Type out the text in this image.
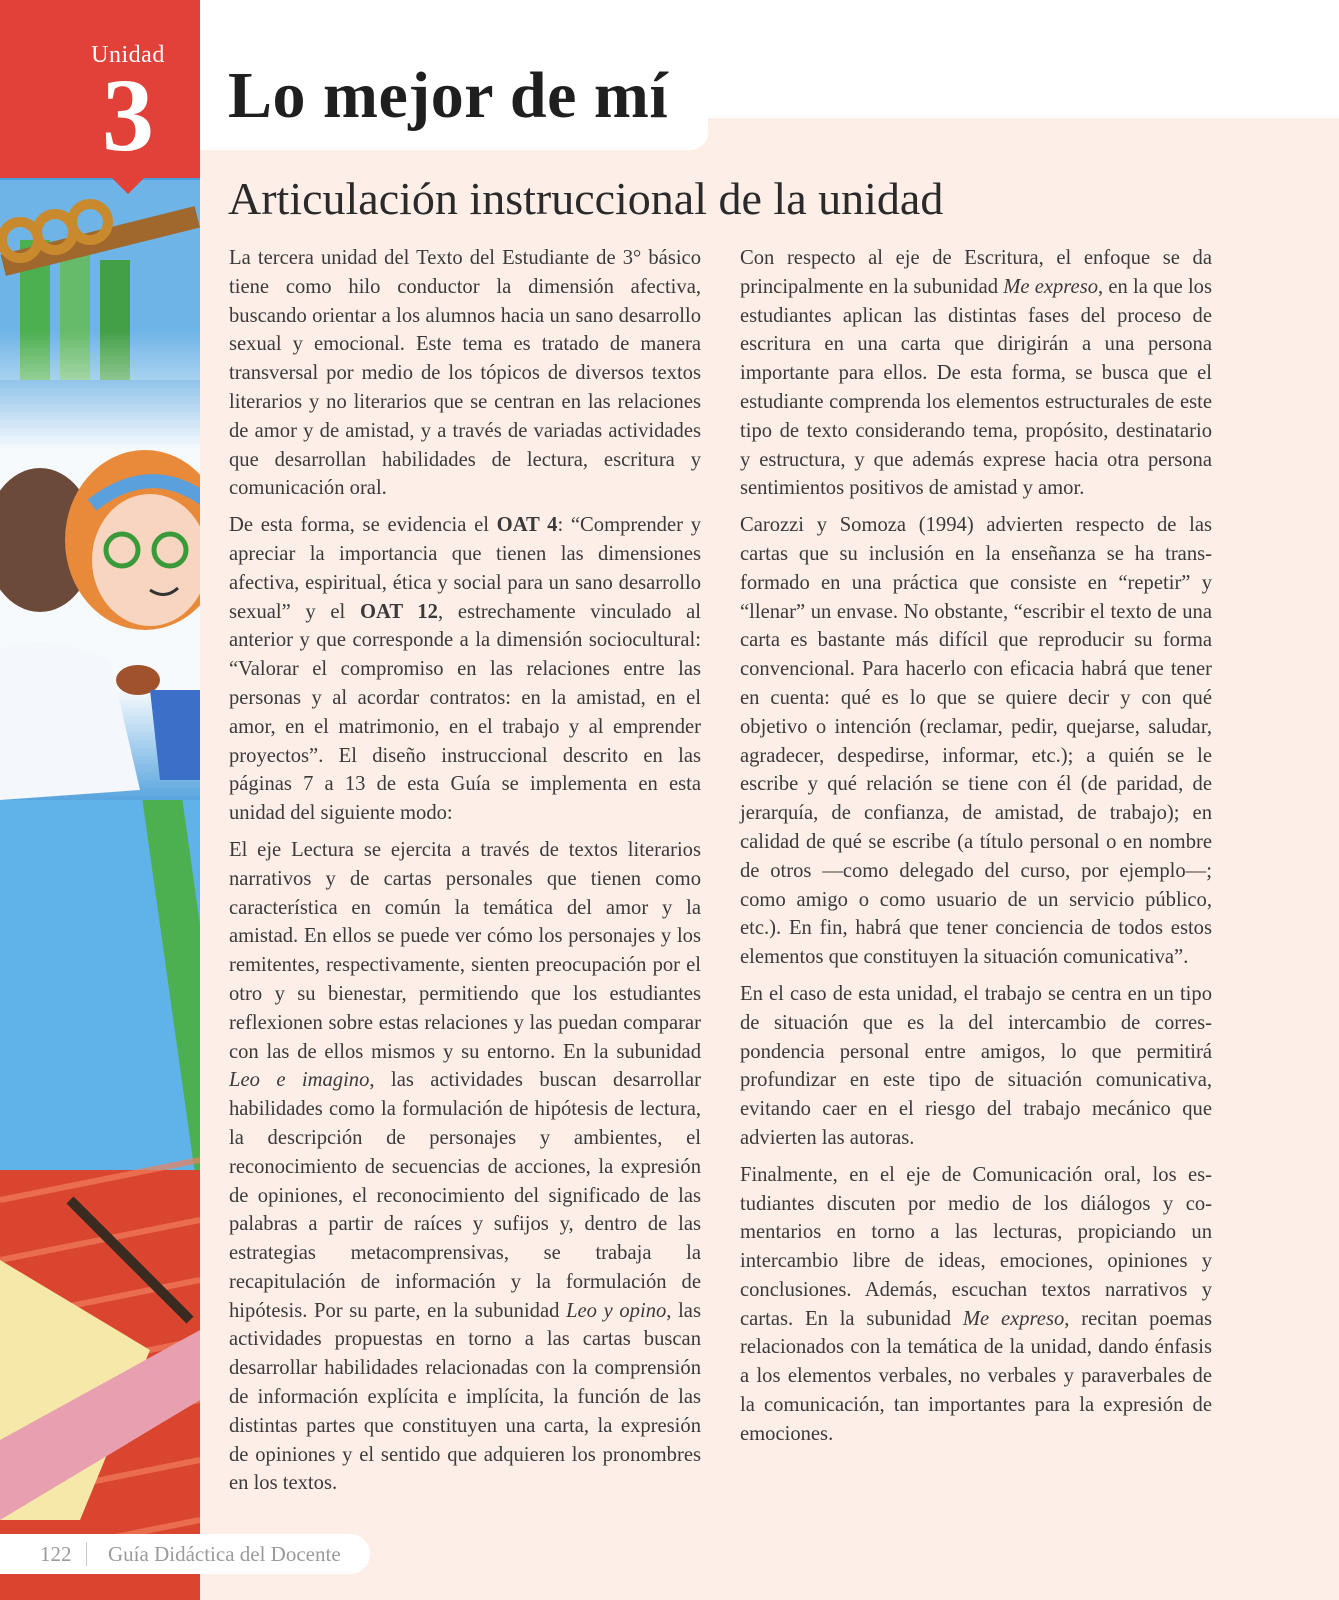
Unidad
3	Lo mejor de mí
Articulación instruccional de la unidad

La tercera unidad del Texto del Estudiante de 3° básico tiene como hilo conductor la dimensión afectiva, buscando orientar a los alumnos hacia un sano desarrollo sexual y emocional. Este tema es tratado de manera transversal por medio de los tópicos de diversos textos literarios y no literarios que se centran en las relaciones de amor y de amistad, y a través de variadas actividades que desarrollan habilidades de lectura, escritura y comunicación oral.

De esta forma, se evidencia el OAT 4: “Comprender y apreciar la importancia que tienen las dimensiones afectiva, espiritual, ética y social para un sano desarrollo sexual” y el OAT 12, estrechamente vinculado al anterior y que corresponde a la dimensión sociocultural: “Valorar el compromiso en las relaciones entre las personas y al acordar contratos: en la amistad, en el amor, en el matrimonio, en el trabajo y al emprender proyectos”. El diseño instruccional descrito en las páginas 7 a 13 de esta Guía se implementa en esta unidad del siguiente modo:

El eje Lectura se ejercita a través de textos literarios narrativos y de cartas personales que tienen como característica en común la temática del amor y la amistad. En ellos se puede ver cómo los personajes y los remitentes, respectivamente, sienten preocupación por el otro y su bienestar, permitiendo que los estudiantes reflexionen sobre estas relaciones y las puedan comparar con las de ellos mismos y su entorno. En la subunidad Leo e imagino, las actividades buscan desarrollar habilidades como la formulación de hipótesis de lectura, la descripción de personajes y ambientes, el reconocimiento de secuencias de acciones, la expresión de opiniones, el reconocimiento del significado de las palabras a partir de raíces y sufijos y, dentro de las estrategias metacomprensivas, se trabaja la recapitulación de información y la formulación de hipótesis. Por su parte, en la subunidad Leo y opino, las actividades propuestas en torno a las cartas buscan desarrollar habilidades relacionadas con la comprensión de información explícita e implícita, la función de las distintas partes que constituyen una carta, la expresión de opiniones y el sentido que adquieren los pronombres en los textos.

Con respecto al eje de Escritura, el enfoque se da principalmente en la subunidad Me expreso, en la que los estudiantes aplican las distintas fases del proceso de escritura en una carta que dirigirán a una persona importante para ellos. De esta forma, se busca que el estudiante comprenda los elementos estructurales de este tipo de texto considerando tema, propósito, destinatario y estructura, y que además exprese hacia otra persona sentimientos positivos de amistad y amor.

Carozzi y Somoza (1994) advierten respecto de las cartas que su inclusión en la enseñanza se ha transformado en una práctica que consiste en “repetir” y “llenar” un envase. No obstante, “escribir el texto de una carta es bastante más difícil que reproducir su forma convencional. Para hacerlo con eficacia habrá que tener en cuenta: qué es lo que se quiere decir y con qué objetivo o intención (reclamar, pedir, quejarse, saludar, agradecer, despedirse, informar, etc.); a quién se le escribe y qué relación se tiene con él (de paridad, de jerarquía, de confianza, de amistad, de trabajo); en calidad de qué se escribe (a título personal o en nombre de otros —como delegado del curso, por ejemplo—; como amigo o como usuario de un servicio público, etc.). En fin, habrá que tener conciencia de todos estos elementos que constituyen la situación comunicativa”.

En el caso de esta unidad, el trabajo se centra en un tipo de situación que es la del intercambio de correspondencia personal entre amigos, lo que permitirá profundizar en este tipo de situación comunicativa, evitando caer en el riesgo del trabajo mecánico que advierten las autoras.

Finalmente, en el eje de Comunicación oral, los estudiantes discuten por medio de los diálogos y comentarios en torno a las lecturas, propiciando un intercambio libre de ideas, emociones, opiniones y conclusiones. Además, escuchan textos narrativos y cartas. En la subunidad Me expreso, recitan poemas relacionados con la temática de la unidad, dando énfasis a los elementos verbales, no verbales y paraverbales de la comunicación, tan importantes para la expresión de emociones.

122 Guía Didáctica del Docente
